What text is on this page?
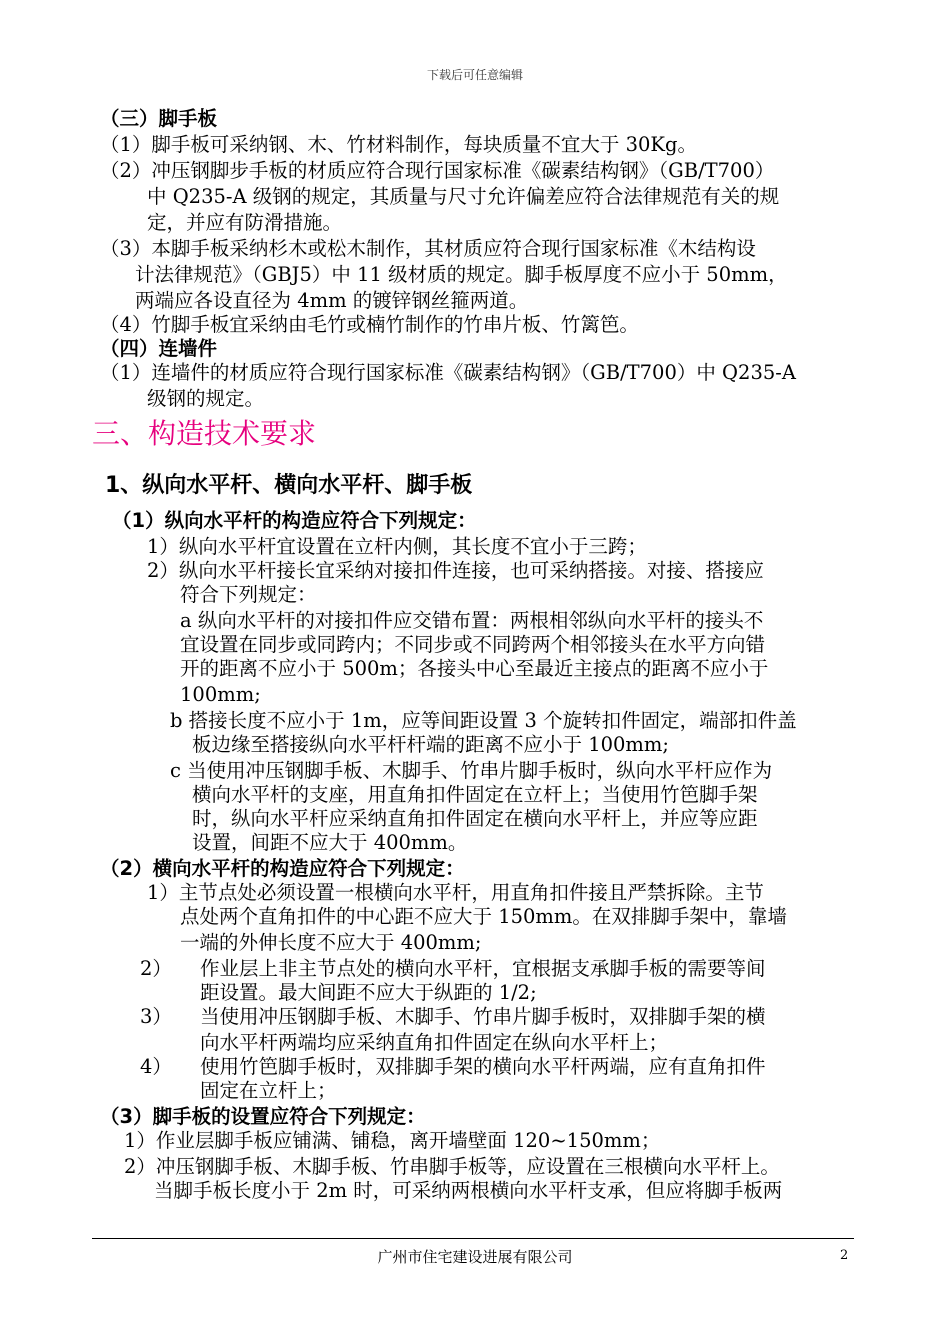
下载后可任意编辑
（三）脚手板
（1）脚手板可采纳钢、木、竹材料制作，每块质量不宜大于 30Kg。
（2）冲压钢脚步手板的材质应符合现行国家标准《碳素结构钢》（GB/T700）
中 Q235-A 级钢的规定，其质量与尺寸允许偏差应符合法律规范有关的规
定，并应有防滑措施。
（3）本脚手板采纳杉木或松木制作，其材质应符合现行国家标准《木结构设
计法律规范》（GBJ5）中 11 级材质的规定。脚手板厚度不应小于 50mm，
两端应各设直径为 4mm 的镀锌钢丝箍两道。
（4）竹脚手板宜采纳由毛竹或楠竹制作的竹串片板、竹篱笆。
（四）连墙件
（1）连墙件的材质应符合现行国家标准《碳素结构钢》（GB/T700）中 Q235-A
级钢的规定。
三、构造技术要求
1、纵向水平杆、横向水平杆、脚手板
（1）纵向水平杆的构造应符合下列规定：
1）纵向水平杆宜设置在立杆内侧，其长度不宜小于三跨；
2）纵向水平杆接长宜采纳对接扣件连接，也可采纳搭接。对接、搭接应
符合下列规定：
a 纵向水平杆的对接扣件应交错布置：两根相邻纵向水平杆的接头不
宜设置在同步或同跨内；不同步或不同跨两个相邻接头在水平方向错
开的距离不应小于 500m；各接头中心至最近主接点的距离不应小于
100mm;
b 搭接长度不应小于 1m，应等间距设置 3 个旋转扣件固定，端部扣件盖
板边缘至搭接纵向水平杆杆端的距离不应小于 100mm;
c 当使用冲压钢脚手板、木脚手、竹串片脚手板时，纵向水平杆应作为
横向水平杆的支座，用直角扣件固定在立杆上；当使用竹笆脚手架
时，纵向水平杆应采纳直角扣件固定在横向水平杆上，并应等应距
设置，间距不应大于 400mm。
（2）横向水平杆的构造应符合下列规定：
1）主节点处必须设置一根横向水平杆，用直角扣件接且严禁拆除。主节
点处两个直角扣件的中心距不应大于 150mm。在双排脚手架中，靠墙
一端的外伸长度不应大于 400mm;
2） 作业层上非主节点处的横向水平杆，宜根据支承脚手板的需要等间
距设置。最大间距不应大于纵距的 1/2;
3） 当使用冲压钢脚手板、木脚手、竹串片脚手板时，双排脚手架的横
向水平杆两端均应采纳直角扣件固定在纵向水平杆上；
4） 使用竹笆脚手板时，双排脚手架的横向水平杆两端，应有直角扣件
固定在立杆上；
（3）脚手板的设置应符合下列规定：
1）作业层脚手板应铺满、铺稳，离开墙壁面 120~150mm；
2）冲压钢脚手板、木脚手板、竹串脚手板等，应设置在三根横向水平杆上。
当脚手板长度小于 2m 时，可采纳两根横向水平杆支承，但应将脚手板两
广州市住宅建设进展有限公司	2
